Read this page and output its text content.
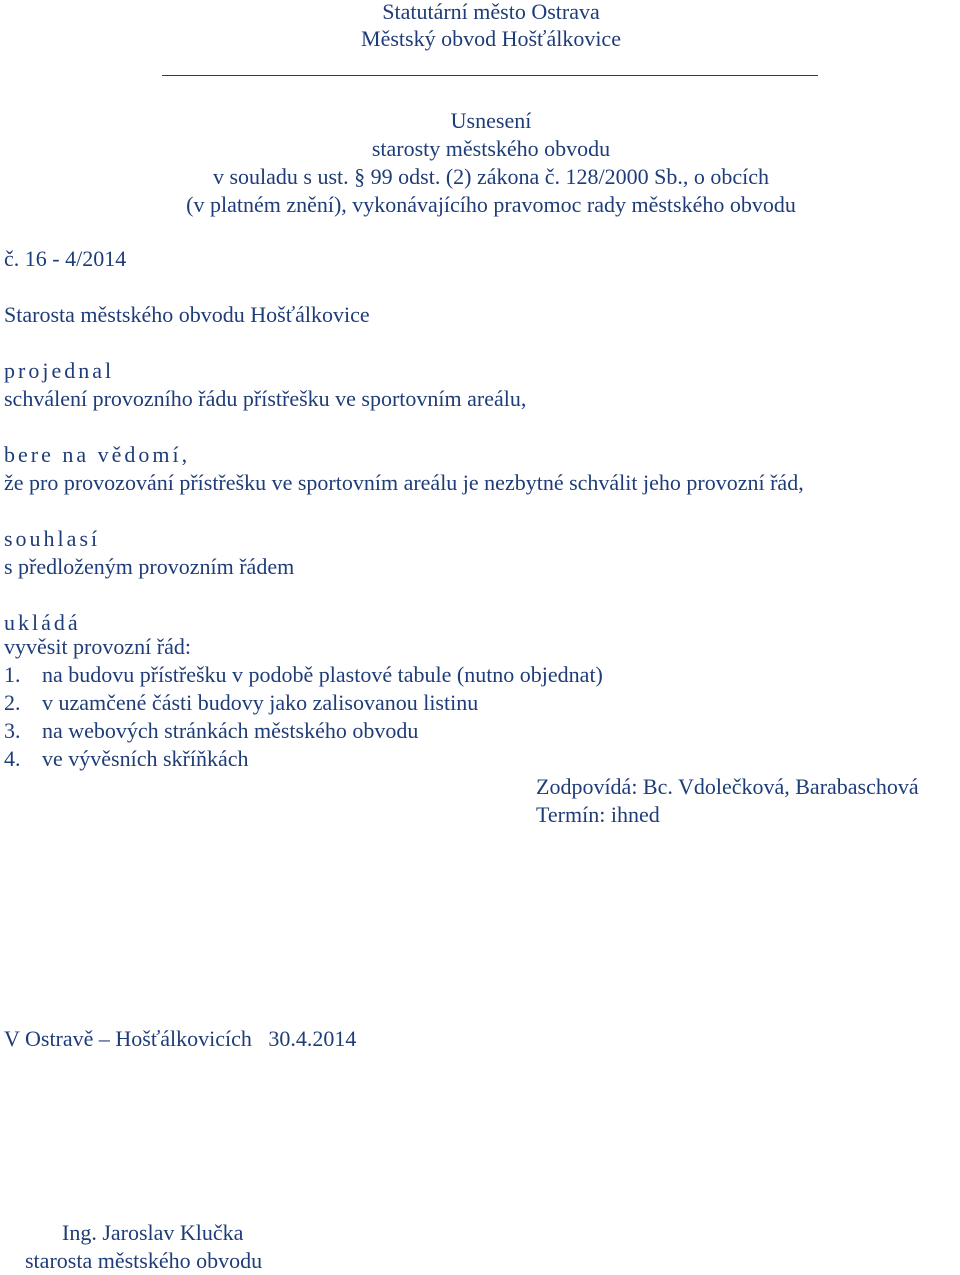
Statutární město Ostrava
Městský obvod Hošťálkovice
Usnesení
starosty městského obvodu
v souladu s ust. § 99 odst. (2) zákona č. 128/2000 Sb., o obcích
(v platném znění), vykonávajícího pravomoc rady městského obvodu
č. 16 - 4/2014
Starosta městského obvodu Hošťálkovice
projednal
schválení provozního řádu přístřešku ve sportovním areálu,
bere na vědomí,
že pro provozování přístřešku ve sportovním areálu je nezbytné schválit jeho provozní řád,
souhlasí
s předloženým provozním řádem
ukládá
vyvěsit provozní řád:
1. na budovu přístřešku v podobě plastové tabule (nutno objednat)
2. v uzamčené části budovy jako zalisovanou listinu
3. na webových stránkách městského obvodu
4. ve vývěsních skříňkách
Zodpovídá: Bc. Vdolečková, Barabaschová
Termín: ihned
V Ostravě – Hošťálkovicích   30.4.2014
Ing. Jaroslav Klučka
starosta městského obvodu
